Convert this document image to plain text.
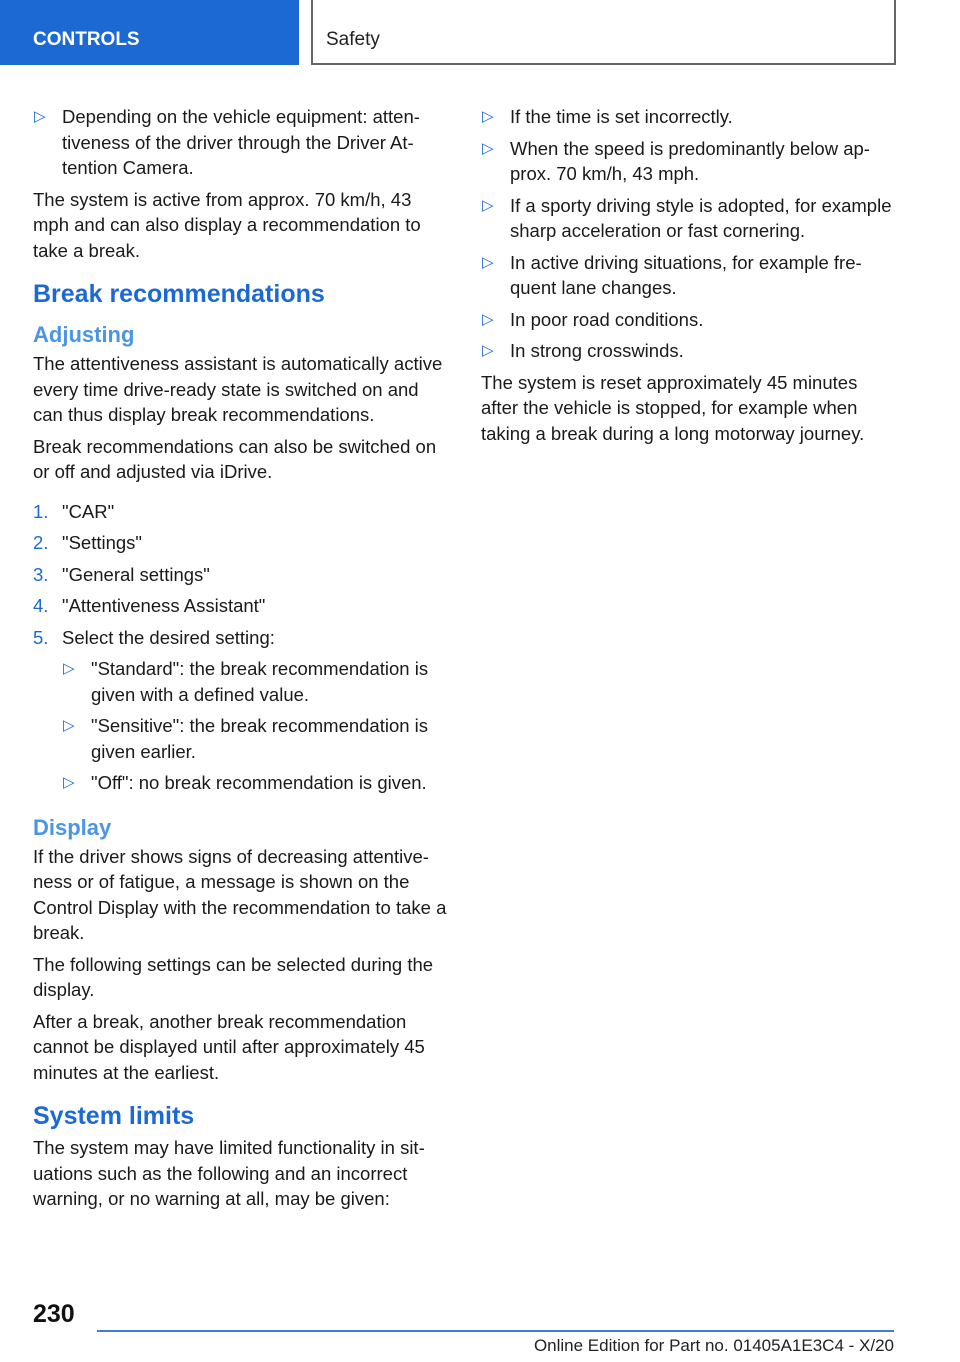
CONTROLS	Safety
▷ Depending on the vehicle equipment: attentiveness of the driver through the Driver Attention Camera.

The system is active from approx. 70 km/h, 43 mph and can also display a recommendation to take a break.

Break recommendations
Adjusting

The attentiveness assistant is automatically active every time drive-ready state is switched on and can thus display break recommendations.

Break recommendations can also be switched on or off and adjusted via iDrive.

1. "CAR"
2. "Settings"
3. "General settings"
4. "Attentiveness Assistant"
5. Select the desired setting:
▷ "Standard": the break recommendation is given with a defined value.
▷ "Sensitive": the break recommendation is given earlier.
▷ "Off": no break recommendation is given.
Display

If the driver shows signs of decreasing attentiveness or of fatigue, a message is shown on the Control Display with the recommendation to take a break.

The following settings can be selected during the display.

After a break, another break recommendation cannot be displayed until after approximately 45 minutes at the earliest.

System limits

The system may have limited functionality in situations such as the following and an incorrect warning, or no warning at all, may be given:

▷ If the time is set incorrectly.
▷ When the speed is predominantly below approx. 70 km/h, 43 mph.
▷ If a sporty driving style is adopted, for example sharp acceleration or fast cornering.
▷ In active driving situations, for example frequent lane changes.
▷ In poor road conditions.
▷ In strong crosswinds.

The system is reset approximately 45 minutes after the vehicle is stopped, for example when taking a break during a long motorway journey.

230
Online Edition for Part no. 01405A1E3C4 - X/20
